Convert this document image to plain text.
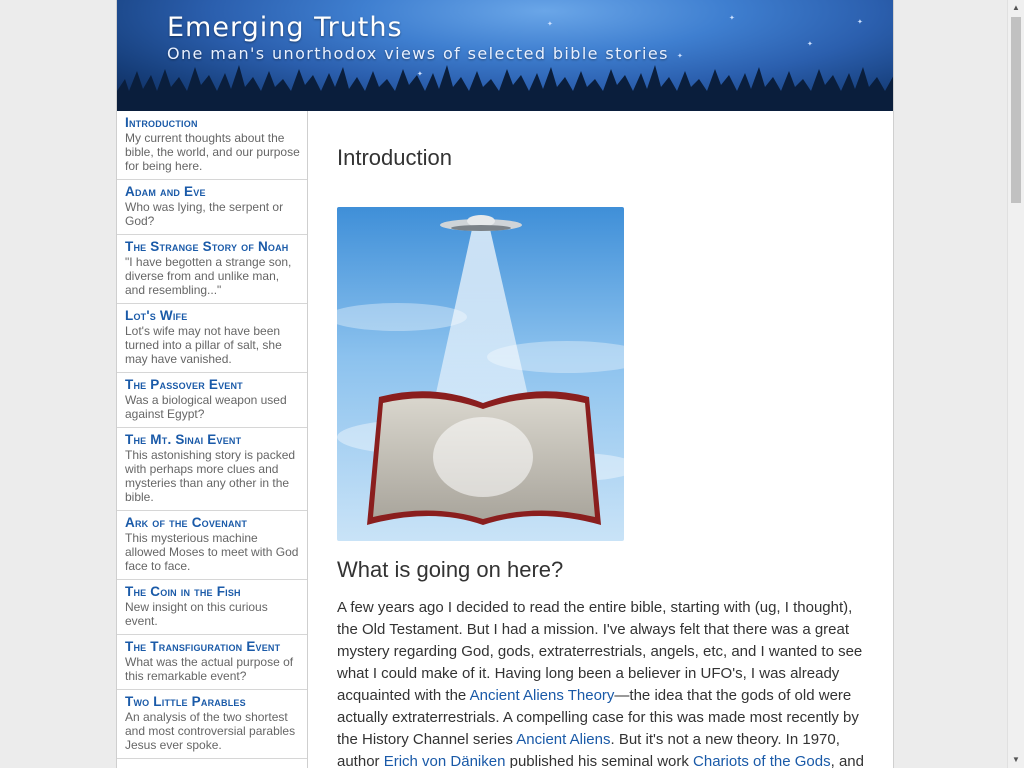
✦
✦
✦
✦
✦
✦
Emerging Truths
One man's unorthodox views of selected bible stories
Introduction
My current thoughts about the bible, the world, and our purpose for being here.
Adam and Eve
Who was lying, the serpent or God?
The Strange Story of Noah
"I have begotten a strange son, diverse from and unlike man, and resembling..."
Lot's Wife
Lot's wife may not have been turned into a pillar of salt, she may have vanished.
The Passover Event
Was a biological weapon used against Egypt?
The Mt. Sinai Event
This astonishing story is packed with perhaps more clues and mysteries than any other in the bible.
Ark of the Covenant
This mysterious machine allowed Moses to meet with God face to face.
The Coin in the Fish
New insight on this curious event.
The Transfiguration Event
What was the actual purpose of this remarkable event?
Two Little Parables
An analysis of the two shortest and most controversial parables Jesus ever spoke.
Introduction
What is going on here?

A few years ago I decided to read the entire bible, starting with (ug, I thought), the Old Testament. But I had a mission. I've always felt that there was a great mystery regarding God, gods, extraterrestrials, angels, etc, and I wanted to see what I could make of it. Having long been a believer in UFO's, I was already acquainted with the Ancient Aliens Theory—the idea that the gods of old were actually extraterrestrials. A compelling case for this was made most recently by the History Channel series Ancient Aliens. But it's not a new theory. In 1970, author Erich von Däniken published his seminal work Chariots of the Gods, and

▲
▼
